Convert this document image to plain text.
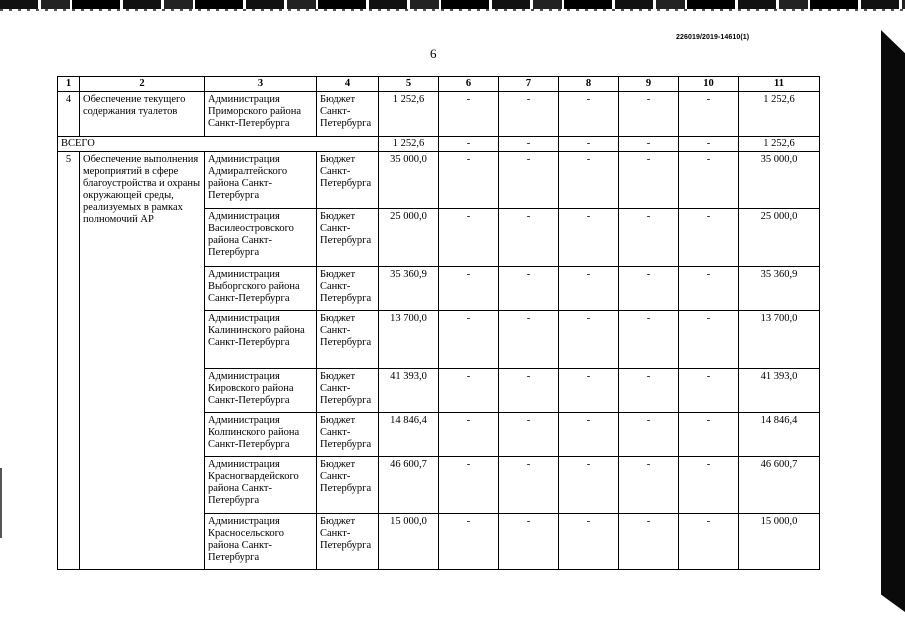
226019/2019-14610(1)
6
1	2	3	4	5	6	7	8	9	10	11
4	Обеспечение текущего содержания туалетов	Администрация Приморского района Санкт-Петербурга	Бюджет Санкт-Петербурга	1 252,6	-	-	-	-	-	1 252,6
ВСЕГО				1 252,6	-	-	-	-	-	1 252,6
5	Обеспечение выполнения мероприятий в сфере благоустройства и охраны окружающей среды, реализуемых в рамках полномочий АР	Администрация Адмиралтейского района Санкт-Петербурга	Бюджет Санкт-Петербурга	35 000,0	-	-	-	-	-	35 000,0
		Администрация Василеостровского района Санкт-Петербурга	Бюджет Санкт-Петербурга	25 000,0	-	-	-	-	-	25 000,0
		Администрация Выборгского района Санкт-Петербурга	Бюджет Санкт-Петербурга	35 360,9	-	-	-	-	-	35 360,9
		Администрация Калининского района Санкт-Петербурга	Бюджет Санкт-Петербурга	13 700,0	-	-	-	-	-	13 700,0
		Администрация Кировского района Санкт-Петербурга	Бюджет Санкт-Петербурга	41 393,0	-	-	-	-	-	41 393,0
		Администрация Колпинского района Санкт-Петербурга	Бюджет Санкт-Петербурга	14 846,4	-	-	-	-	-	14 846,4
		Администрация Красногвардейского района Санкт-Петербурга	Бюджет Санкт-Петербурга	46 600,7	-	-	-	-	-	46 600,7
		Администрация Красносельского района Санкт-Петербурга	Бюджет Санкт-Петербурга	15 000,0	-	-	-	-	-	15 000,0
